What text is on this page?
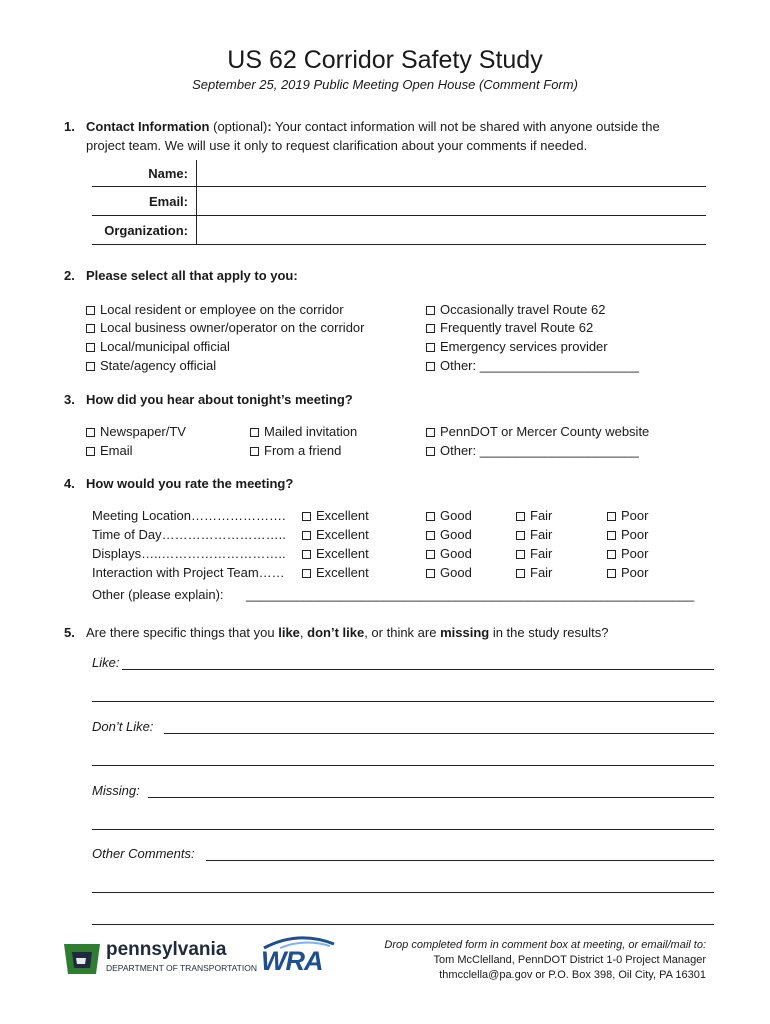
US 62 Corridor Safety Study
September 25, 2019 Public Meeting Open House (Comment Form)
1. Contact Information (optional): Your contact information will not be shared with anyone outside the
project team. We will use it only to request clarification about your comments if needed.
Name:
Email:
Organization:
2. Please select all that apply to you:
Local resident or employee on the corridor
Local business owner/operator on the corridor
Local/municipal official
State/agency official
Occasionally travel Route 62
Frequently travel Route 62
Emergency services provider
Other: ______________________
3. How did you hear about tonight’s meeting?
Newspaper/TV	Mailed invitation	PennDOT or Mercer County website
Email	From a friend	Other: ______________________
4. How would you rate the meeting?
Meeting Location………………….	Excellent	Good	Fair	Poor
Time of Day………………………..	Excellent	Good	Fair	Poor
Displays…..………………………..	Excellent	Good	Fair	Poor
Interaction with Project Team……	Excellent	Good	Fair	Poor
Other (please explain): ______________________________________________________________
5. Are there specific things that you like, don’t like, or think are missing in the study results?
Like:
Don’t Like:
Missing:
Other Comments:
pennsylvania
DEPARTMENT OF TRANSPORTATION WRA
Drop completed form in comment box at meeting, or email/mail to:
Tom McClelland, PennDOT District 1-0 Project Manager
thmcclella@pa.gov or P.O. Box 398, Oil City, PA 16301
